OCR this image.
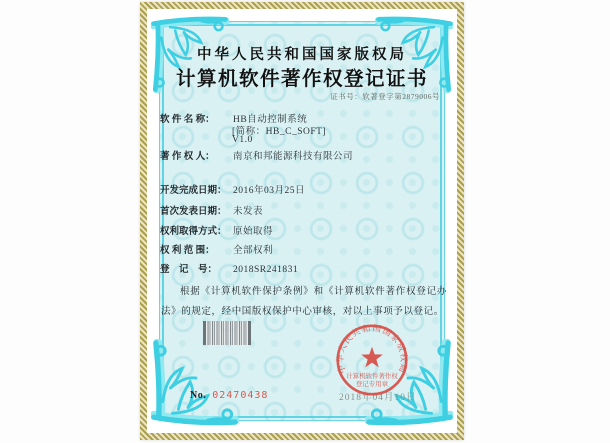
中华人民共和国国家版权局
计算机软件著作权登记证书
证书号：软著登字第2879006号
软 件 名 称： HB自动控制系统
[简称：HB_C_SOFT]
V1.0
著 作 权 人： 南京和邦能源科技有限公司
开发完成日期： 2016年03月25日
首次发表日期： 未发表
权利取得方式： 原始取得
权 利 范 围： 全部权利
登　记　号： 2018SR241831
根据《计算机软件保护条例》和《计算机软件著作权登记办法》的规定，经中国版权保护中心审核，对以上事项予以登记。
2018年04月10日
中华人民共和国国家版权局
计算机软件著作权
登记专用章
No. 02470438
